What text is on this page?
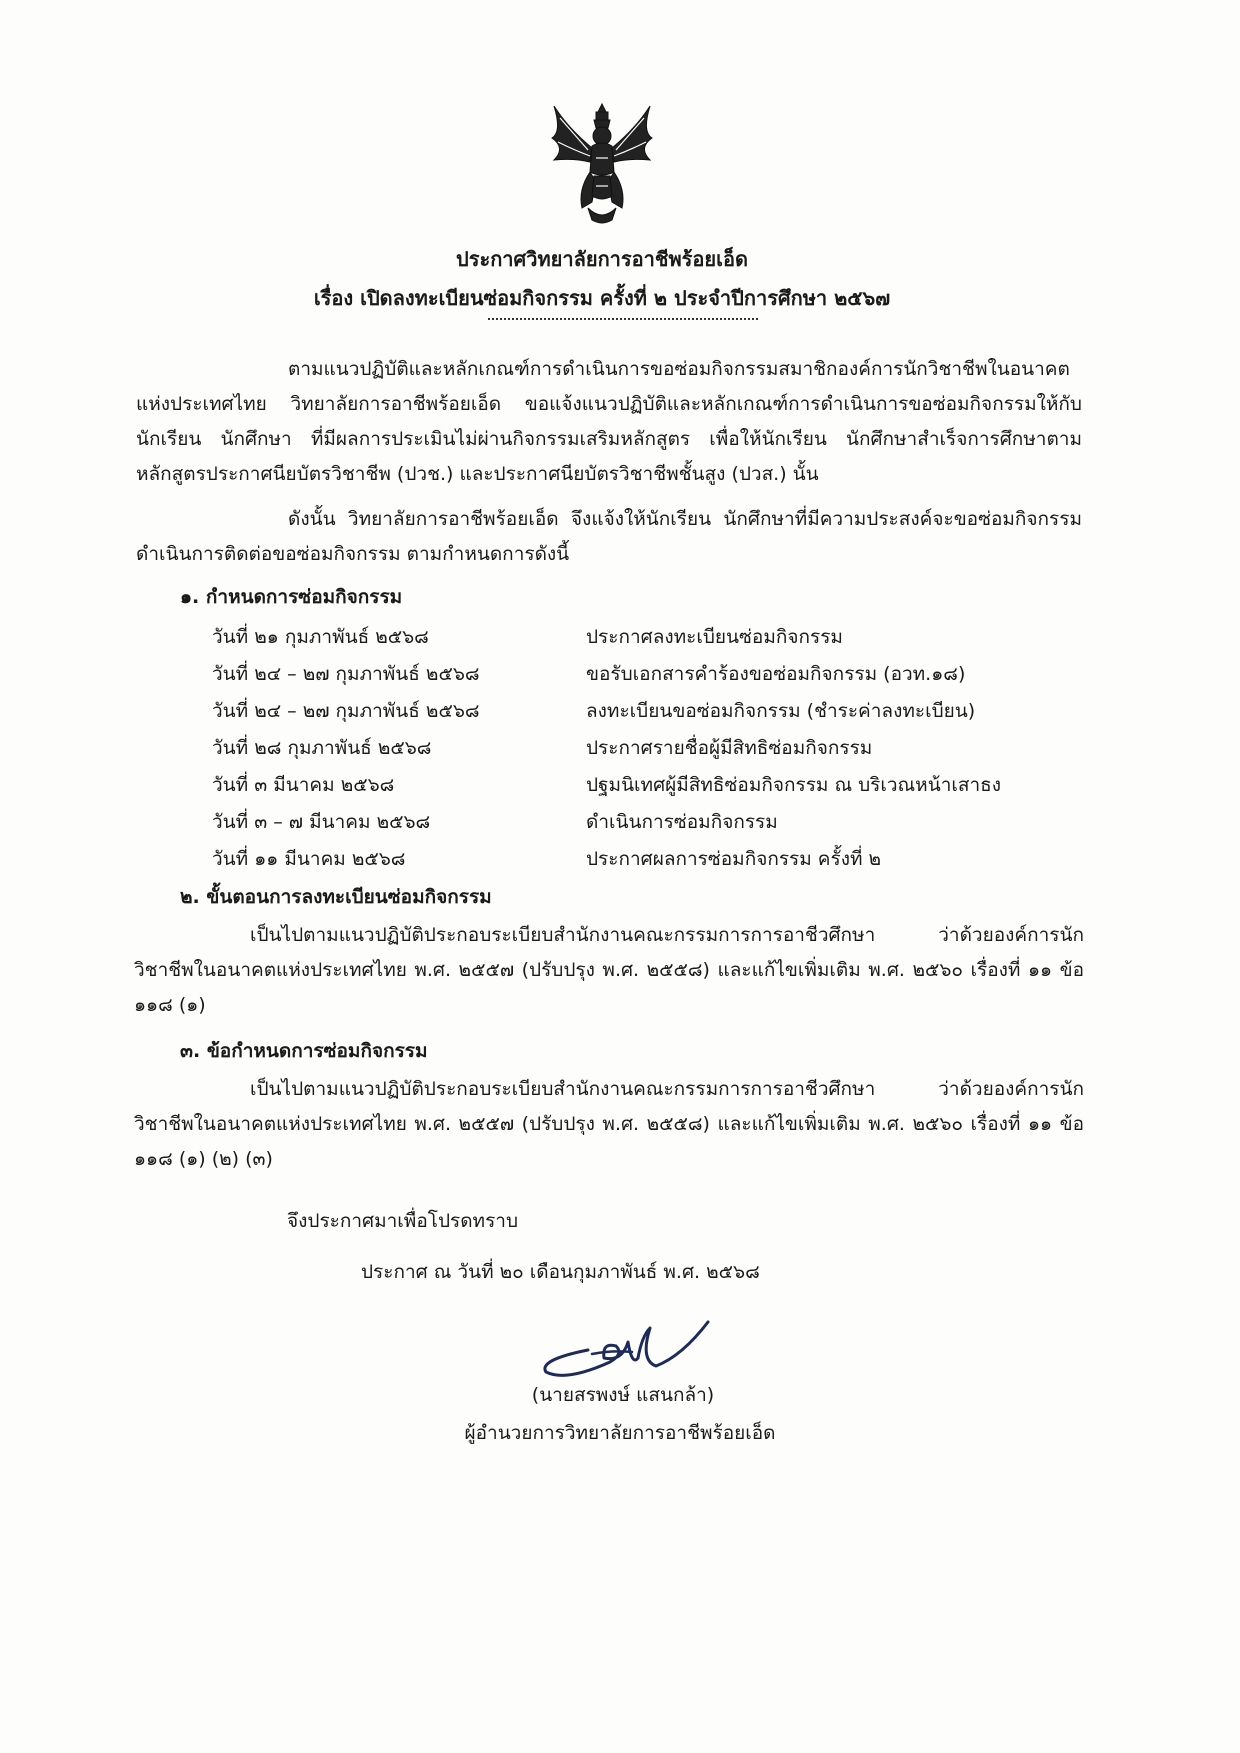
ประกาศวิทยาลัยการอาชีพร้อยเอ็ด
เรื่อง เปิดลงทะเบียนซ่อมกิจกรรม ครั้งที่ ๒ ประจำปีการศึกษา ๒๕๖๗
ตามแนวปฏิบัติและหลักเกณฑ์การดำเนินการขอซ่อมกิจกรรมสมาชิกองค์การนักวิชาชีพในอนาคตแห่งประเทศไทย วิทยาลัยการอาชีพร้อยเอ็ด ขอแจ้งแนวปฏิบัติและหลักเกณฑ์การดำเนินการขอซ่อมกิจกรรมให้กับนักเรียน นักศึกษา ที่มีผลการประเมินไม่ผ่านกิจกรรมเสริมหลักสูตร เพื่อให้นักเรียน นักศึกษาสำเร็จการศึกษาตามหลักสูตรประกาศนียบัตรวิชาชีพ (ปวช.) และประกาศนียบัตรวิชาชีพชั้นสูง (ปวส.) นั้น
ดังนั้น วิทยาลัยการอาชีพร้อยเอ็ด จึงแจ้งให้นักเรียน นักศึกษาที่มีความประสงค์จะขอซ่อมกิจกรรม ดำเนินการติดต่อขอซ่อมกิจกรรม ตามกำหนดการดังนี้
๑. กำหนดการซ่อมกิจกรรม
วันที่ ๒๑ กุมภาพันธ์ ๒๕๖๘	ประกาศลงทะเบียนซ่อมกิจกรรม
วันที่ ๒๔ – ๒๗ กุมภาพันธ์ ๒๕๖๘	ขอรับเอกสารคำร้องขอซ่อมกิจกรรม (อวท.๑๘)
วันที่ ๒๔ – ๒๗ กุมภาพันธ์ ๒๕๖๘	ลงทะเบียนขอซ่อมกิจกรรม (ชำระค่าลงทะเบียน)
วันที่ ๒๘ กุมภาพันธ์ ๒๕๖๘	ประกาศรายชื่อผู้มีสิทธิซ่อมกิจกรรม
วันที่ ๓ มีนาคม ๒๕๖๘	ปฐมนิเทศผู้มีสิทธิซ่อมกิจกรรม ณ บริเวณหน้าเสาธง
วันที่ ๓ – ๗ มีนาคม ๒๕๖๘	ดำเนินการซ่อมกิจกรรม
วันที่ ๑๑ มีนาคม ๒๕๖๘	ประกาศผลการซ่อมกิจกรรม ครั้งที่ ๒
๒. ขั้นตอนการลงทะเบียนซ่อมกิจกรรม
เป็นไปตามแนวปฏิบัติประกอบระเบียบสำนักงานคณะกรรมการการอาชีวศึกษา ว่าด้วยองค์การนักวิชาชีพในอนาคตแห่งประเทศไทย พ.ศ. ๒๕๕๗ (ปรับปรุง พ.ศ. ๒๕๕๘) และแก้ไขเพิ่มเติม พ.ศ. ๒๕๖๐ เรื่องที่ ๑๑ ข้อ ๑๑๘ (๑)
๓. ข้อกำหนดการซ่อมกิจกรรม
เป็นไปตามแนวปฏิบัติประกอบระเบียบสำนักงานคณะกรรมการการอาชีวศึกษา ว่าด้วยองค์การนักวิชาชีพในอนาคตแห่งประเทศไทย พ.ศ. ๒๕๕๗ (ปรับปรุง พ.ศ. ๒๕๕๘) และแก้ไขเพิ่มเติม พ.ศ. ๒๕๖๐ เรื่องที่ ๑๑ ข้อ ๑๑๘ (๑) (๒) (๓)
จึงประกาศมาเพื่อโปรดทราบ
ประกาศ ณ วันที่ ๒๐ เดือนกุมภาพันธ์ พ.ศ. ๒๕๖๘
(นายสรพงษ์ แสนกล้า)
ผู้อำนวยการวิทยาลัยการอาชีพร้อยเอ็ด
